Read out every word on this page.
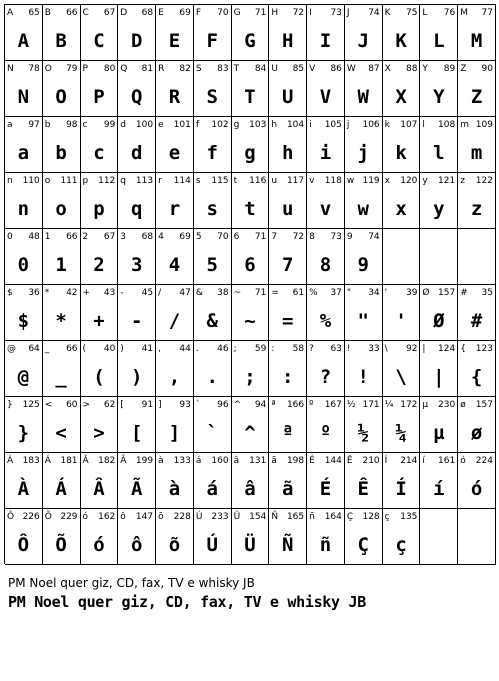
A 65
A
B 66
B
C 67
C
D 68
D
E 69
E
F 70
F
G 71
G
H 72
H
I 73
I
J 74
J
K 75
K
L 76
L
M 77
M
N 78
N
O 79
O
P 80
P
Q 81
Q
R 82
R
S 83
S
T 84
T
U 85
U
V 86
V
W 87
W
X 88
X
Y 89
Y
Z 90
Z
a 97
a
b 98
b
c 99
c
d 100
d
e 101
e
f 102
f
g 103
g
h 104
h
i 105
i
j 106
j
k 107
k
l 108
l
m 109
m
n 110
n
o 111
o
p 112
p
q 113
q
r 114
r
s 115
s
t 116
t
u 117
u
v 118
v
w 119
w
x 120
x
y 121
y
z 122
z
0 48
0
1 66
1
2 67
2
3 68
3
4 69
4
5 70
5
6 71
6
7 72
7
8 73
8
9 74
9
$ 36
$
* 42
*
+ 43
+
- 45
-
/ 47
/
& 38
&
~ 71
~
= 61
=
% 37
%
" 34
"
' 39
'
Ø 157
Ø
# 35
#
@ 64
@
_ 66
_
( 40
(
) 41
)
, 44
,
. 46
.
; 59
;
: 58
:
? 63
?
! 33
!
\ 92
\
| 124
|
{ 123
{
} 125
}
< 60
<
> 62
>
[ 91
[
] 93
]
` 96
`
^ 94
^
ª 166
ª
º 167
º
½ 171
½
¼ 172
¼
µ 230
µ
ø 157
ø
À 183
À
Á 181
Á
Â 182
Â
Ã 199
Ã
à 133
à
á 160
á
â 131
â
ã 198
ã
É 144
É
Ê 210
Ê
Í 214
Í
í 161
í
ó 224
ó
Ô 226
Ô
Õ 229
Õ
ó 162
ó
ô 147
ô
õ 228
õ
Ú 233
Ú
Ü 154
Ü
Ñ 165
Ñ
ñ 164
ñ
Ç 128
Ç
ç 135
ç
PM Noel quer giz, CD, fax, TV e whisky JB
PM Noel quer giz, CD, fax, TV e whisky JB
